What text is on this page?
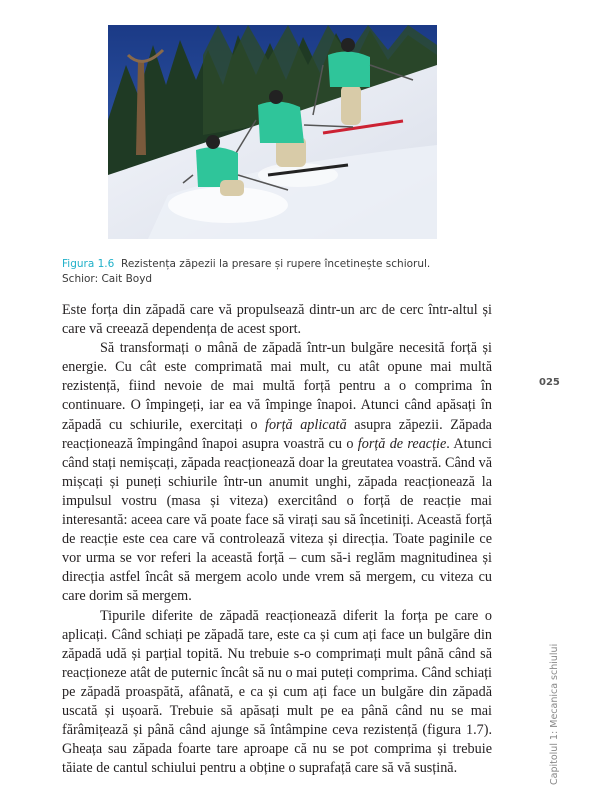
Figura 1.6 Rezistența zăpezii la presare și rupere încetinește schiorul.
Schior: Cait Boyd

Este forța din zăpadă care vă propulsează dintr-un arc de cerc într-altul și care vă creează dependența de acest sport.

Să transformați o mână de zăpadă într-un bulgăre necesită forță și energie. Cu cât este comprimată mai mult, cu atât opune mai multă rezistență, fiind nevoie de mai multă forță pentru a o comprima în continuare. O împingeți, iar ea vă împinge înapoi. Atunci când apăsați în zăpadă cu schiurile, exercitați o forță aplicată asupra zăpezii. Zăpada reacționează împingând înapoi asupra voastră cu o forță de reacție. Atunci când stați nemișcați, zăpada reacționează doar la greutatea voastră. Când vă mișcați și puneți schiurile într-un anumit unghi, zăpada reacționează la impulsul vostru (masa și viteza) exercitând o forță de reacție mai interesantă: aceea care vă poate face să virați sau să încetiniți. Această forță de reacție este cea care vă controlează viteza și direcția. Toate paginile ce vor urma se vor referi la această forță – cum să-i reglăm magnitudinea și direcția astfel încât să mergem acolo unde vrem să mergem, cu viteza cu care dorim să mergem.

Tipurile diferite de zăpadă reacționează diferit la forța pe care o aplicați. Când schiați pe zăpadă tare, este ca și cum ați face un bulgăre din zăpadă udă și parțial topită. Nu trebuie s-o comprimați mult până când să reacționeze atât de puternic încât să nu o mai puteți comprima. Când schiați pe zăpadă proaspătă, afânată, e ca și cum ați face un bulgăre din zăpadă uscată și ușoară. Trebuie să apăsați mult pe ea până când nu se mai fărâmițează și până când ajunge să întâmpine ceva rezistență (figura 1.7). Gheața sau zăpada foarte tare aproape că nu se pot comprima și trebuie tăiate de cantul schiului pentru a obține o suprafață care să vă susțină.

025
Capitolul 1: Mecanica schiului
